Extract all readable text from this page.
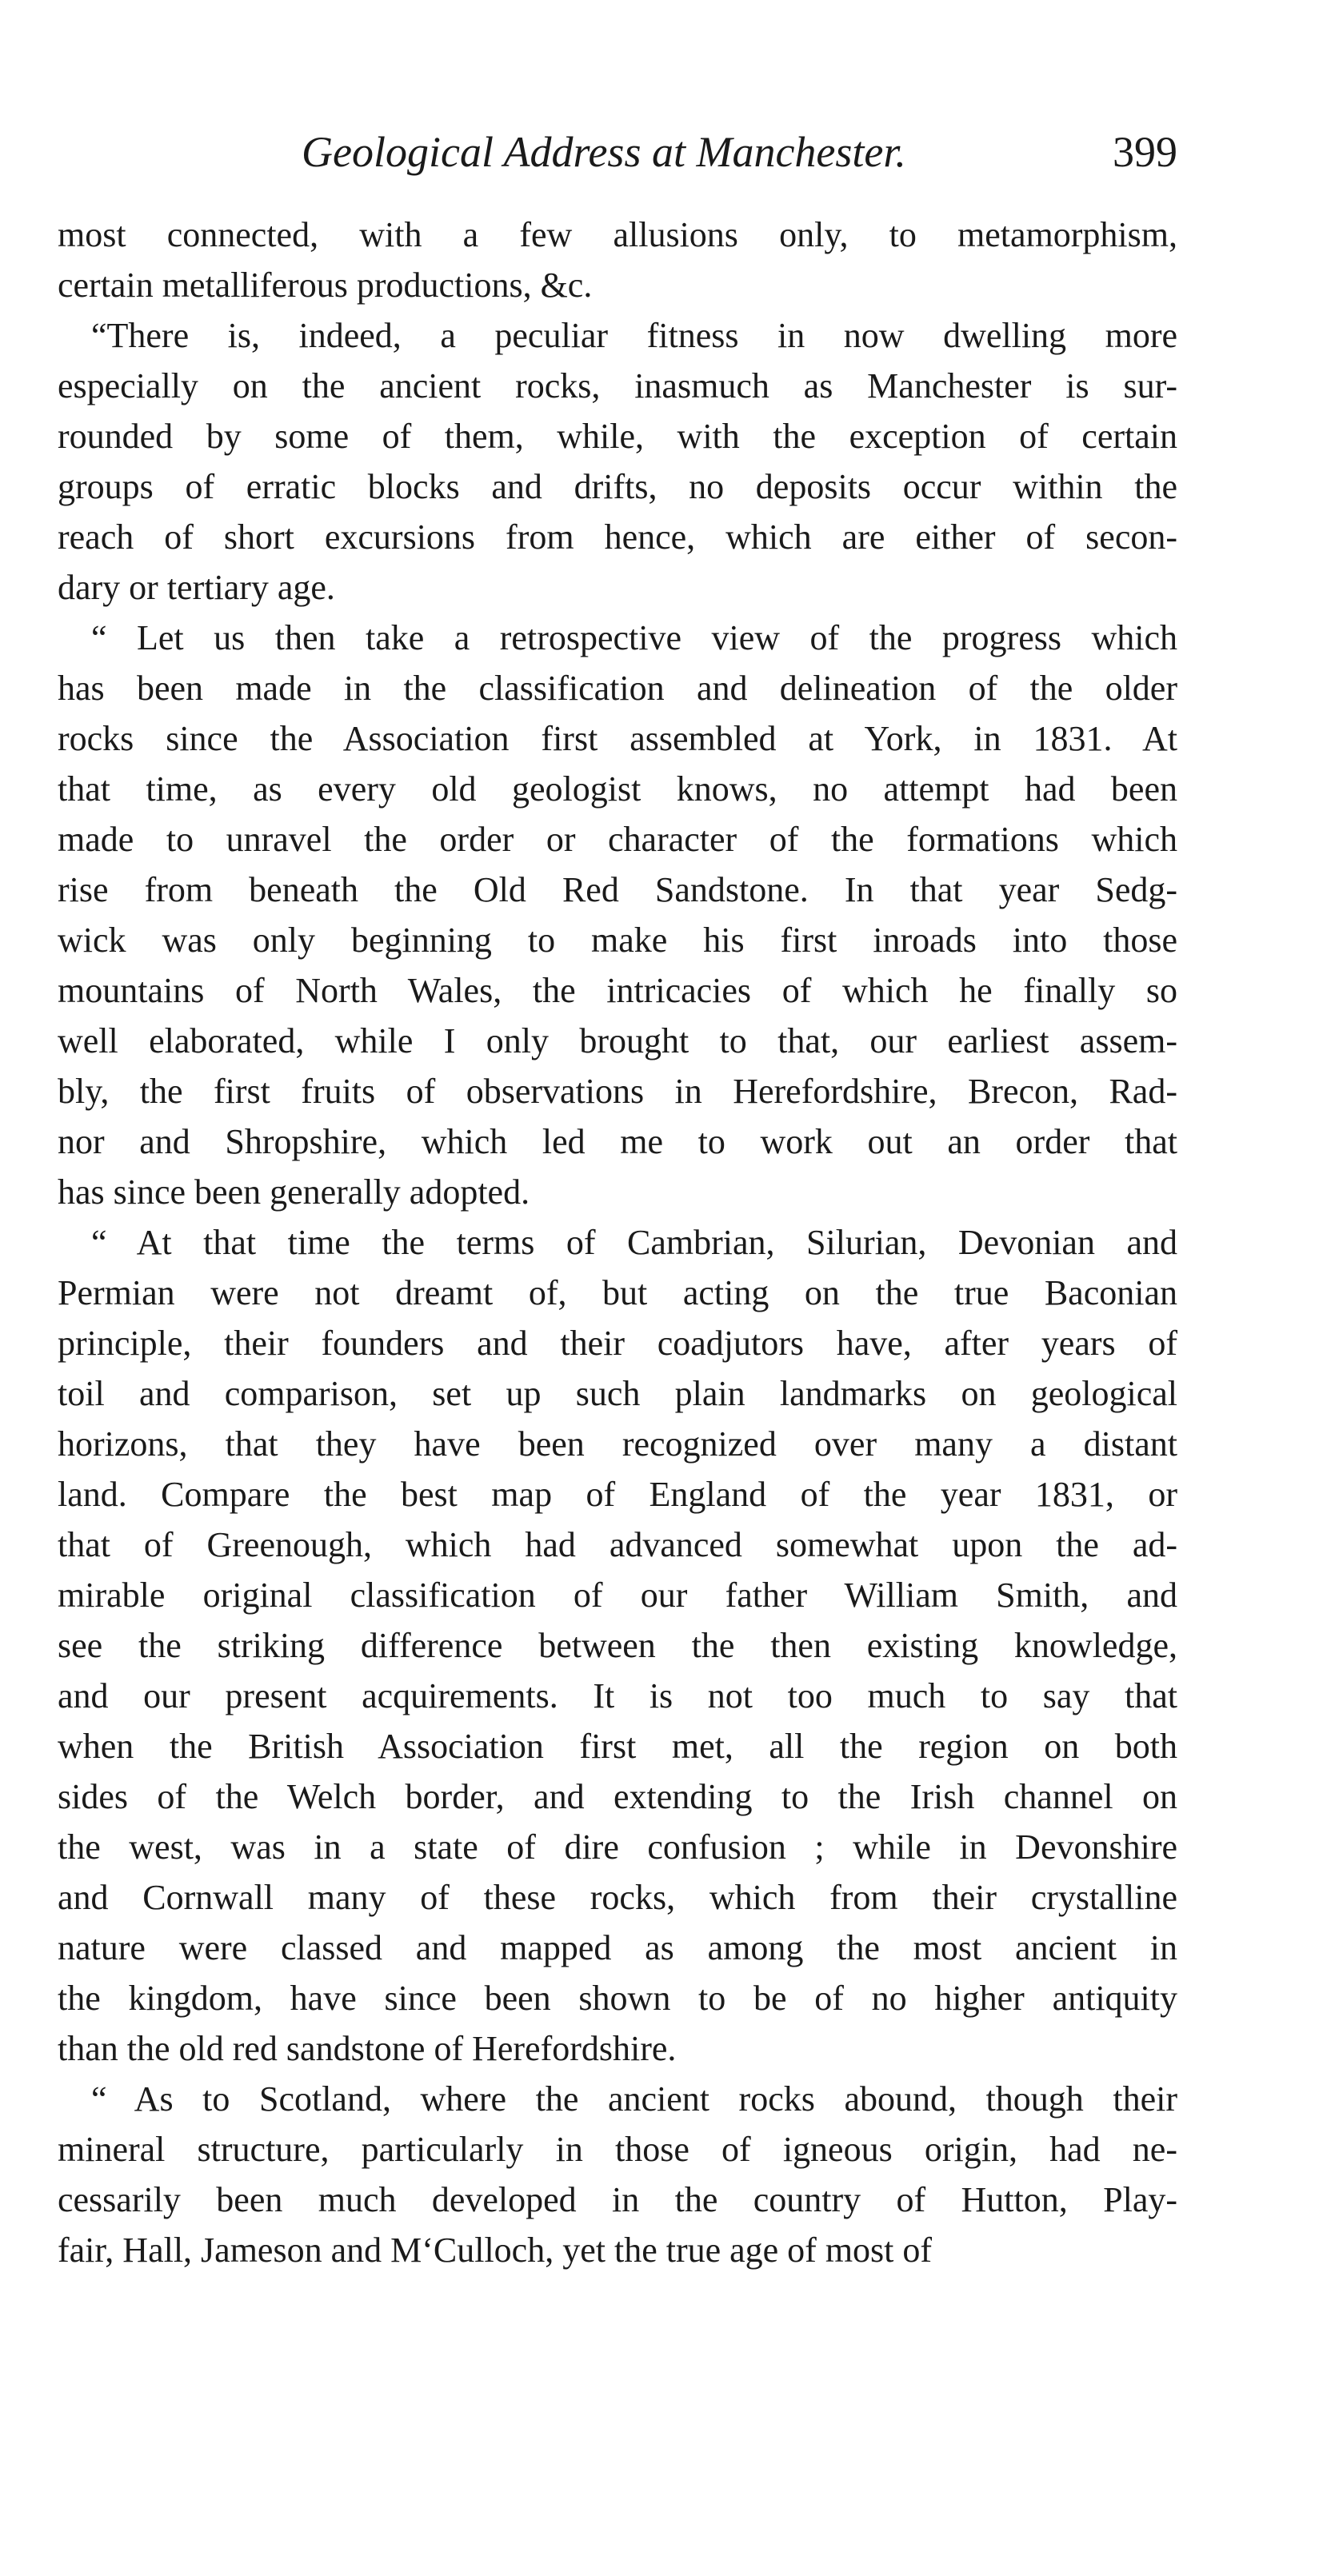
Geological Address at Manchester.	399
most connected, with a few allusions only, to metamorphism,
certain metalliferous productions, &c.
“There is, indeed, a peculiar fitness in now dwelling more
especially on the ancient rocks, inasmuch as Manchester is sur-
rounded by some of them, while, with the exception of certain
groups of erratic blocks and drifts, no deposits occur within the
reach of short excursions from hence, which are either of secon-
dary or tertiary age.
“ Let us then take a retrospective view of the progress which
has been made in the classification and delineation of the older
rocks since the Association first assembled at York, in 1831. At
that time, as every old geologist knows, no attempt had been
made to unravel the order or character of the formations which
rise from beneath the Old Red Sandstone. In that year Sedg-
wick was only beginning to make his first inroads into those
mountains of North Wales, the intricacies of which he finally so
well elaborated, while I only brought to that, our earliest assem-
bly, the first fruits of observations in Herefordshire, Brecon, Rad-
nor and Shropshire, which led me to work out an order that
has since been generally adopted.
“ At that time the terms of Cambrian, Silurian, Devonian and
Permian were not dreamt of, but acting on the true Baconian
principle, their founders and their coadjutors have, after years of
toil and comparison, set up such plain landmarks on geological
horizons, that they have been recognized over many a distant
land. Compare the best map of England of the year 1831, or
that of Greenough, which had advanced somewhat upon the ad-
mirable original classification of our father William Smith, and
see the striking difference between the then existing knowledge,
and our present acquirements. It is not too much to say that
when the British Association first met, all the region on both
sides of the Welch border, and extending to the Irish channel on
the west, was in a state of dire confusion ; while in Devonshire
and Cornwall many of these rocks, which from their crystalline
nature were classed and mapped as among the most ancient in
the kingdom, have since been shown to be of no higher antiquity
than the old red sandstone of Herefordshire.
“ As to Scotland, where the ancient rocks abound, though their
mineral structure, particularly in those of igneous origin, had ne-
cessarily been much developed in the country of Hutton, Play-
fair, Hall, Jameson and M‘Culloch, yet the true age of most of
